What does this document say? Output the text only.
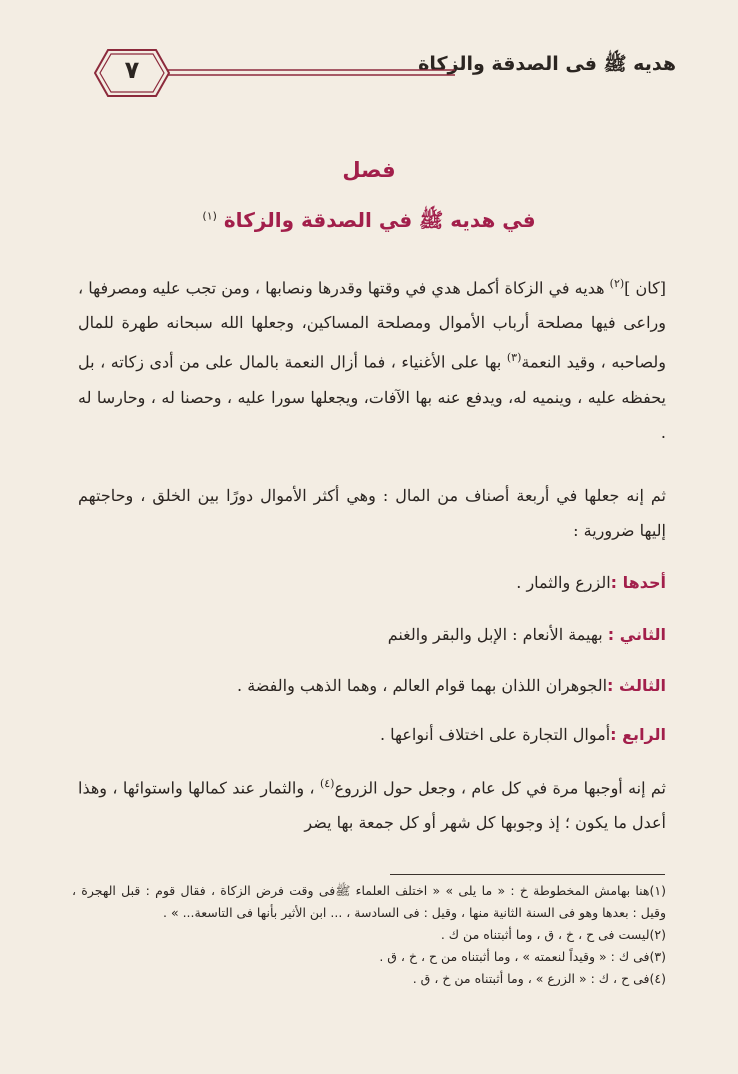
هديه ﷺ فى الصدقة والزكاة
٧
فصل
في هديه ﷺ في الصدقة والزكاة $^{(١)}$
[كان ]$^{(٢)}$ هديه في الزكاة أكمل هدي في وقتها وقدرها ونصابها ، ومن تجب عليه ومصرفها ، وراعى فيها مصلحة أرباب الأموال ومصلحة المساكين، وجعلها الله سبحانه طهرة للمال ولصاحبه ، وقيد النعمة$^{(٣)}$ بها على الأغنياء ، فما أزال النعمة بالمال على من أدى زكاته ، بل يحفظه عليه ، وينميه له، ويدفع عنه بها الآفات، ويجعلها سورا عليه ، وحصنا له ، وحارسا له .
ثم إنه جعلها في أربعة أصناف من المال : وهي أكثر الأموال دورًا بين الخلق ، وحاجتهم إليها ضرورية :
أحدها :الزرع والثمار .
الثاني : بهيمة الأنعام : الإبل والبقر والغنم
الثالث :الجوهران اللذان بهما قوام العالم ، وهما الذهب والفضة .
الرابع :أموال التجارة على اختلاف أنواعها .
ثم إنه أوجبها مرة في كل عام ، وجعل حول الزروع$^{(٤)}$ ، والثمار عند كمالها واستوائها ، وهذا أعدل ما يكون ؛ إذ وجوبها كل شهر أو كل جمعة بها يضر
(١)هنا بهامش المخطوطة خ : « ما يلى » « اختلف العلماء ﷺفى وقت فرض الزكاة ، فقال قوم : قبل الهجرة ، وقيل : بعدها وهو فى السنة الثانية منها ، وقيل : فى السادسة ، ... ابن الأثير بأنها فى التاسعة... » .
(٢)ليست فى ح ، خ ، ق ، وما أثبتناه من ك .
(٣)فى ك : « وقيداً لنعمته » ، وما أثبتناه من ح ، خ ، ق .
(٤)فى ح ، ك : « الزرع » ، وما أثبتناه من خ ، ق .
